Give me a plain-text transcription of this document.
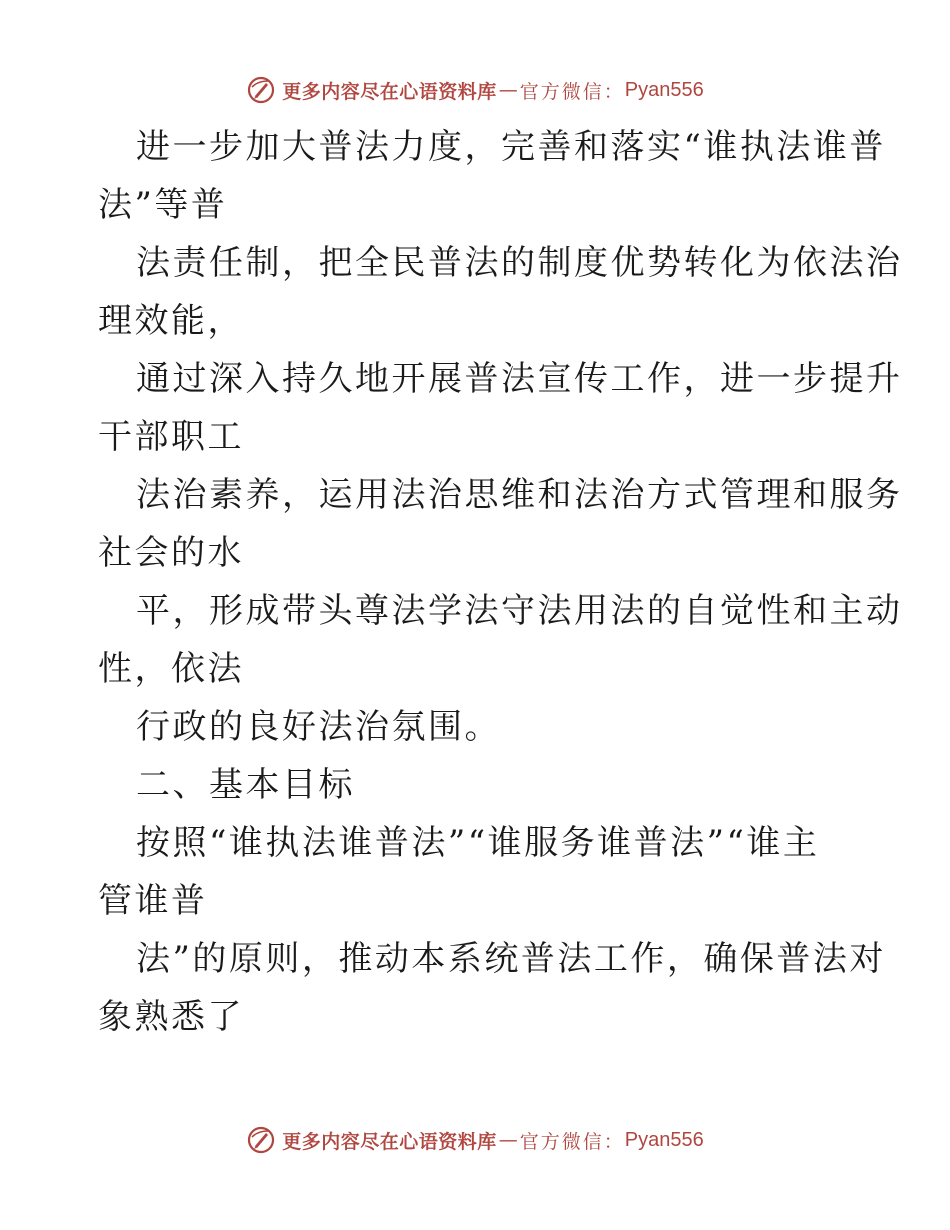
更多内容尽在心语资料库 — 官方微信： Pyan556
进一步加大普法力度，完善和落实“谁执法谁普
法”等普
法责任制，把全民普法的制度优势转化为依法治
理效能，
通过深入持久地开展普法宣传工作，进一步提升
干部职工
法治素养，运用法治思维和法治方式管理和服务
社会的水
平，形成带头尊法学法守法用法的自觉性和主动
性，依法
行政的良好法治氛围。
二、基本目标
按照“谁执法谁普法”“谁服务谁普法”“谁主
管谁普
法”的原则，推动本系统普法工作，确保普法对
象熟悉了
更多内容尽在心语资料库 — 官方微信： Pyan556
